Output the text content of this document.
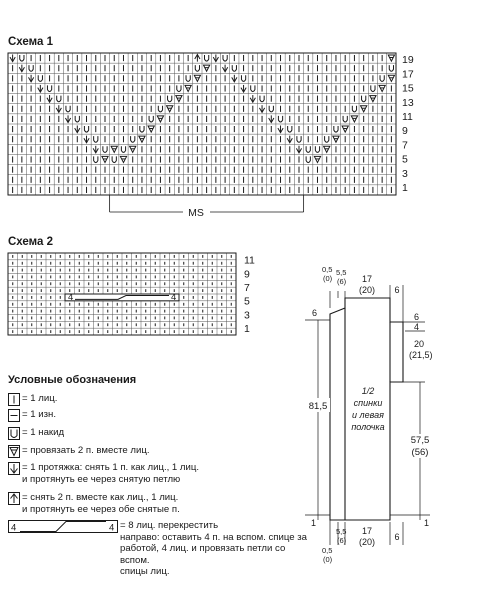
Схема 1
19
17
15
13
11
9
7
5
3
1
MS
Схема 2
4	4
11
9
7
5
3
1
Условные обозначения
= 1 лиц.
= 1 изн.
= 1 накид
= провязать 2 п. вместе лиц.
= 1 протяжка: снять 1 п. как лиц., 1 лиц.
и протянуть ее через снятую петлю
= снять 2 п. вместе как лиц., 1 лиц.
и протянуть ее через обе снятые п.
4	4 = 8 лиц. перекрестить
направо: оставить 4 п. на вспом. спице за
работой, 4 лиц. и провязать петли со вспом.
спицы лиц.
0,5
(0)
5,5
(6) 17
(20) 6
6	6
4
20
(21,5)
81,5
57,5
(56)
1/2
спинки
и левая
полочка
1	1
0,5
(0)
5,5
(6)
17
(20) 6
